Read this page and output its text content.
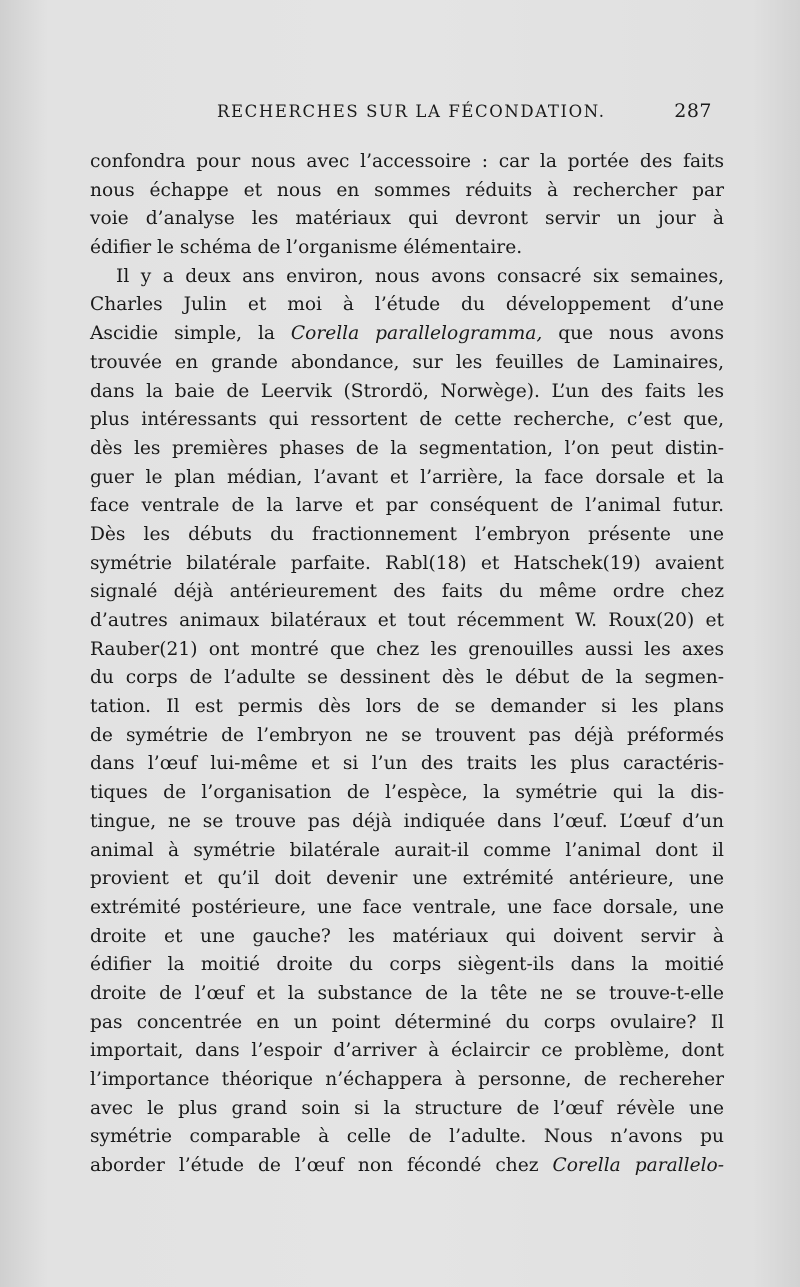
RECHERCHES SUR LA FÉCONDATION.	287
confondra pour nous avec l’accessoire : car la portée des faits
nous échappe et nous en sommes réduits à rechercher par
voie d’analyse les matériaux qui devront servir un jour à
édifier le schéma de l’organisme élémentaire.
Il y a deux ans environ, nous avons consacré six semaines,
Charles Julin et moi à l’étude du développement d’une
Ascidie simple, la Corella parallelogramma, que nous avons
trouvée en grande abondance, sur les feuilles de Laminaires,
dans la baie de Leervik (Strordö, Norwège). L’un des faits les
plus intéressants qui ressortent de cette recherche, c’est que,
dès les premières phases de la segmentation, l’on peut distin-
guer le plan médian, l’avant et l’arrière, la face dorsale et la
face ventrale de la larve et par conséquent de l’animal futur.
Dès les débuts du fractionnement l’embryon présente une
symétrie bilatérale parfaite. Rabl(18) et Hatschek(19) avaient
signalé déjà antérieurement des faits du même ordre chez
d’autres animaux bilatéraux et tout récemment W. Roux(20) et
Rauber(21) ont montré que chez les grenouilles aussi les axes
du corps de l’adulte se dessinent dès le début de la segmen-
tation. Il est permis dès lors de se demander si les plans
de symétrie de l’embryon ne se trouvent pas déjà préformés
dans l’œuf lui-même et si l’un des traits les plus caractéris-
tiques de l’organisation de l’espèce, la symétrie qui la dis-
tingue, ne se trouve pas déjà indiquée dans l’œuf. L’œuf d’un
animal à symétrie bilatérale aurait-il comme l’animal dont il
provient et qu’il doit devenir une extrémité antérieure, une
extrémité postérieure, une face ventrale, une face dorsale, une
droite et une gauche? les matériaux qui doivent servir à
édifier la moitié droite du corps siègent-ils dans la moitié
droite de l’œuf et la substance de la tête ne se trouve-t-elle
pas concentrée en un point déterminé du corps ovulaire? Il
importait, dans l’espoir d’arriver à éclaircir ce problème, dont
l’importance théorique n’échappera à personne, de rechereher
avec le plus grand soin si la structure de l’œuf révèle une
symétrie comparable à celle de l’adulte. Nous n’avons pu
aborder l’étude de l’œuf non fécondé chez Corella parallelo-
